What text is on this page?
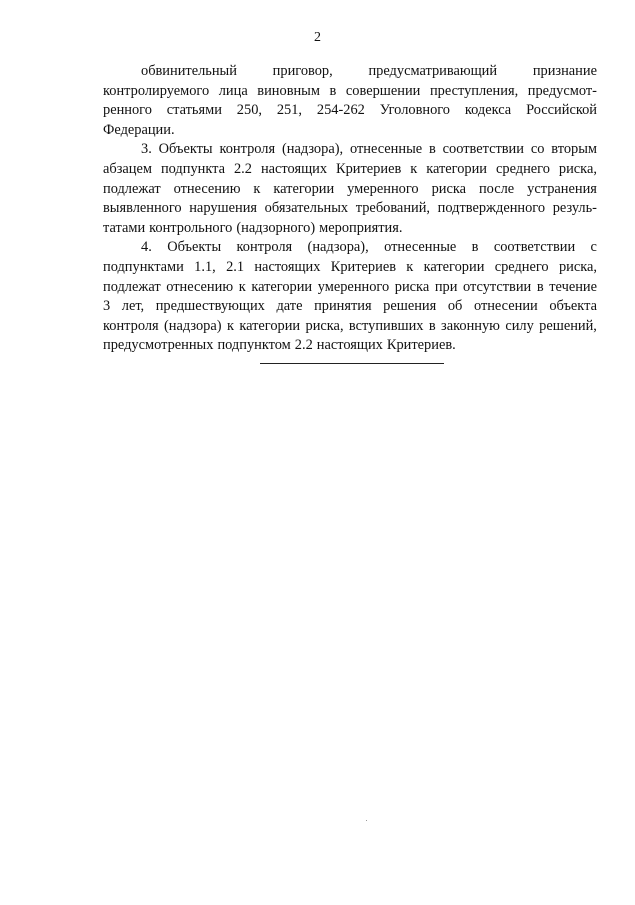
2
обвинительный приговор, предусматривающий признание
контролируемого лица виновным в совершении преступления, предусмот-
ренного статьями 250, 251, 254-262 Уголовного кодекса Российской
Федерации.
3. Объекты контроля (надзора), отнесенные в соответствии со вторым
абзацем подпункта 2.2 настоящих Критериев к категории среднего риска,
подлежат отнесению к категории умеренного риска после устранения
выявленного нарушения обязательных требований, подтвержденного резуль-
татами контрольного (надзорного) мероприятия.
4. Объекты контроля (надзора), отнесенные в соответствии с
подпунктами 1.1, 2.1 настоящих Критериев к категории среднего риска,
подлежат отнесению к категории умеренного риска при отсутствии в течение
3 лет, предшествующих дате принятия решения об отнесении объекта
контроля (надзора) к категории риска, вступивших в законную силу решений,
предусмотренных подпунктом 2.2 настоящих Критериев.
